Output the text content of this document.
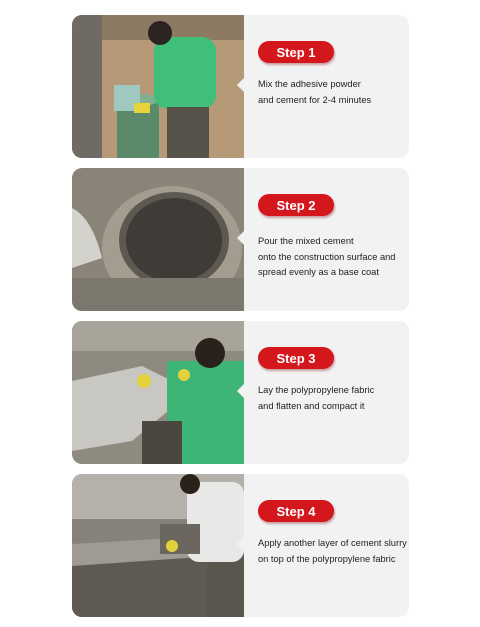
Step 1
Mix the adhesive powder
and cement for 2-4 minutes
Step 2
Pour the mixed cement
onto the construction surface and
spread evenly as a base coat
Step 3
Lay the polypropylene fabric
and flatten and compact it
Step 4
Apply another layer of cement slurry
on top of the polypropylene fabric
